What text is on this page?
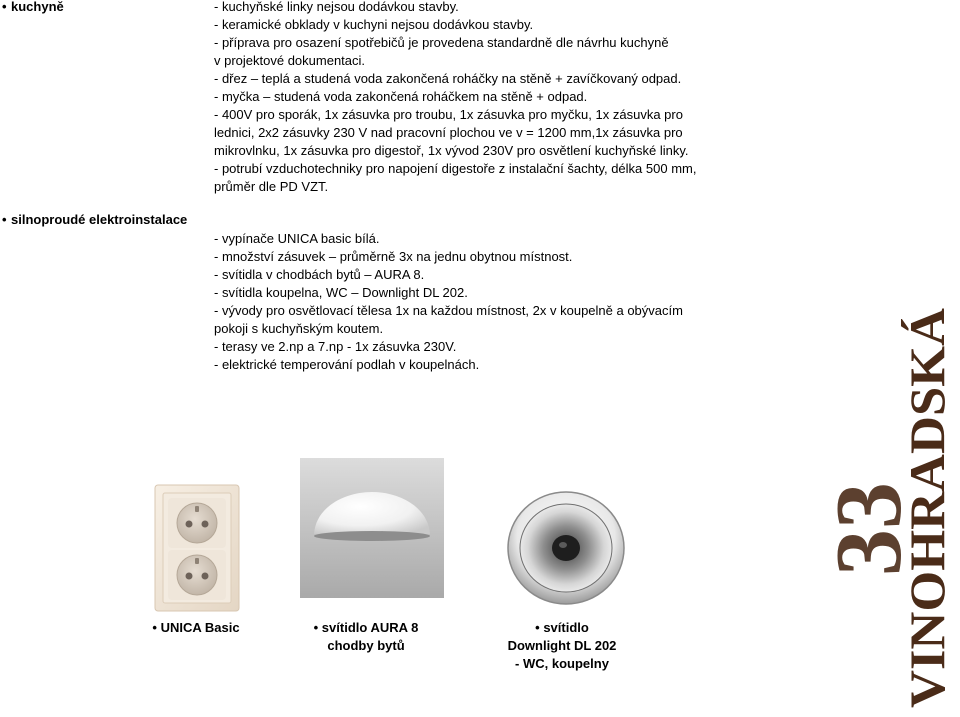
• kuchyně	- kuchyňské linky nejsou dodávkou stavby.
- keramické obklady v kuchyni nejsou dodávkou stavby.
- příprava pro osazení spotřebičů je provedena standardně dle návrhu kuchyně
v projektové dokumentaci.
- dřez – teplá a studená voda zakončená roháčky na stěně + zavíčkovaný odpad.
- myčka – studená voda zakončená roháčkem na stěně + odpad.
- 400V pro sporák, 1x zásuvka pro troubu, 1x zásuvka pro myčku, 1x zásuvka pro
lednici, 2x2 zásuvky 230 V nad pracovní plochou ve v = 1200 mm,1x zásuvka pro
mikrovlnku, 1x zásuvka pro digestoř, 1x vývod 230V pro osvětlení kuchyňské linky.
- potrubí vzduchotechniky pro napojení digestoře z instalační šachty, délka 500 mm,
průměr dle PD VZT.
• silnoproudé elektroinstalace
- vypínače UNICA basic bílá.
- množství zásuvek – průměrně 3x na jednu obytnou místnost.
- svítidla v chodbách bytů – AURA 8.
- svítidla koupelna, WC – Downlight DL 202.
- vývody pro osvětlovací tělesa 1x na každou místnost, 2x v koupelně a obývacím
pokoji s kuchyňským koutem.
- terasy ve 2.np a 7.np - 1x zásuvka 230V.
- elektrické temperování podlah v koupelnách.
• UNICA Basic	• svítidlo AURA 8
chodby bytů
• svítidlo
Downlight DL 202
- WC, koupelny	VINOHRADSKÁ
33
